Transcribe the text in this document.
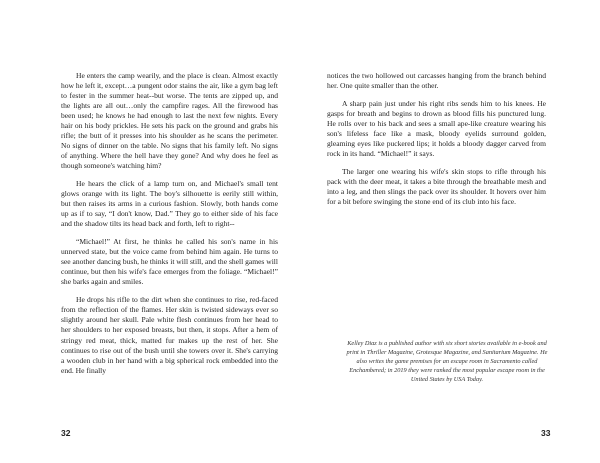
He enters the camp wearily, and the place is clean. Almost exactly how he left it, except…a pungent odor stains the air, like a gym bag left to fester in the summer heat--but worse. The tents are zipped up, and the lights are all out…only the campfire rages. All the firewood has been used; he knows he had enough to last the next few nights. Every hair on his body prickles. He sets his pack on the ground and grabs his rifle; the butt of it presses into his shoulder as he scans the perimeter. No signs of dinner on the table. No signs that his family left. No signs of anything. Where the hell have they gone? And why does he feel as though someone's watching him?

He hears the click of a lamp turn on, and Michael's small tent glows orange with its light. The boy's silhouette is eerily still within, but then raises its arms in a curious fashion. Slowly, both hands come up as if to say, “I don't know, Dad.” They go to either side of his face and the shadow tilts its head back and forth, left to right--

“Michael!” At first, he thinks he called his son's name in his unnerved state, but the voice came from behind him again. He turns to see another dancing bush, he thinks it will still, and the shell games will continue, but then his wife's face emerges from the foliage. “Michael!” she barks again and smiles.

He drops his rifle to the dirt when she continues to rise, red-faced from the reflection of the flames. Her skin is twisted sideways ever so slightly around her skull. Pale white flesh continues from her head to her shoulders to her exposed breasts, but then, it stops. After a hem of stringy red meat, thick, matted fur makes up the rest of her. She continues to rise out of the bush until she towers over it. She's carrying a wooden club in her hand with a big spherical rock embedded into the end. He finally

32

notices the two hollowed out carcasses hanging from the branch behind her. One quite smaller than the other.

A sharp pain just under his right ribs sends him to his knees. He gasps for breath and begins to drown as blood fills his punctured lung. He rolls over to his back and sees a small ape-like creature wearing his son's lifeless face like a mask, bloody eyelids surround golden, gleaming eyes like puckered lips; it holds a bloody dagger carved from rock in its hand. “Michael!” it says.

The larger one wearing his wife's skin stops to rifle through his pack with the deer meat, it takes a bite through the breathable mesh and into a leg, and then slings the pack over its shoulder. It hovers over him for a bit before swinging the stone end of its club into his face.

Kelley Diaz is a published author with six short stories available in e-book and print in Thriller Magazine, Grotesque Magazine, and Sanitarium Magazine. He also writes the game premises for an escape room in Sacramento called Enchambered; in 2019 they were ranked the most popular escape room in the United States by USA Today.
33
